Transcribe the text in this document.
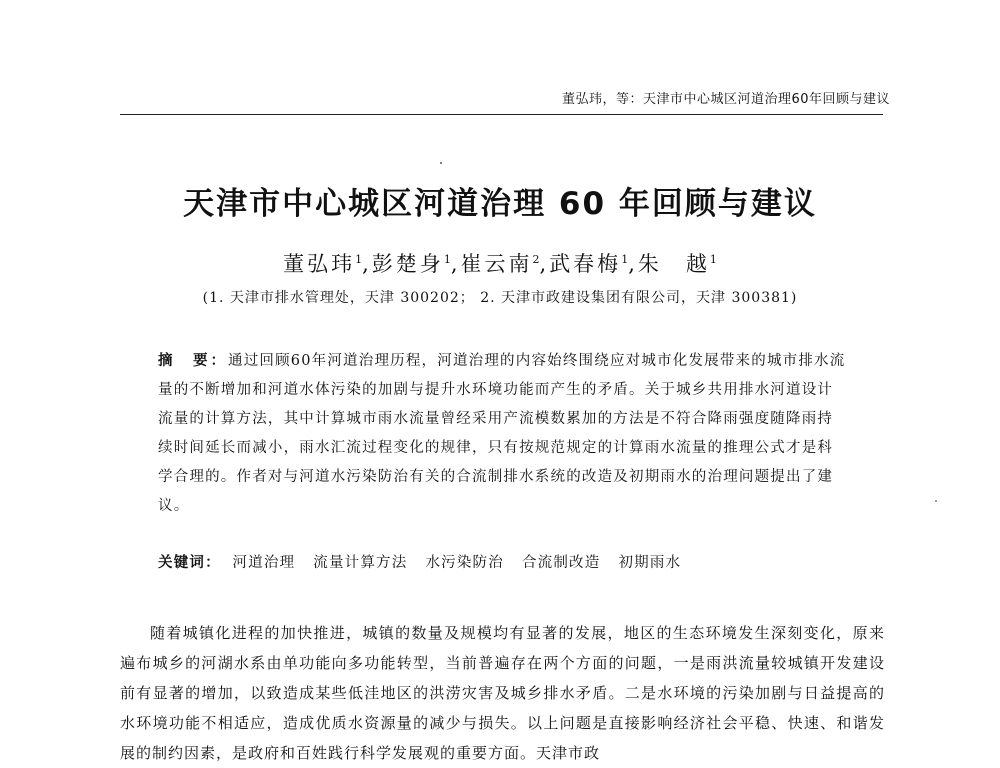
董弘玮，等：天津市中心城区河道治理60年回顾与建议
天津市中心城区河道治理 60 年回顾与建议
董弘玮$^1$,彭楚身$^1$,崔云南$^2$,武春梅$^1$,朱　越$^1$
(1. 天津市排水管理处，天津 300202； 2. 天津市政建设集团有限公司，天津 300381)
摘　要：通过回顾60年河道治理历程，河道治理的内容始终围绕应对城市化发展带来的城市排水流量的不断增加和河道水体污染的加剧与提升水环境功能而产生的矛盾。关于城乡共用排水河道设计流量的计算方法，其中计算城市雨水流量曾经采用产流模数累加的方法是不符合降雨强度随降雨持续时间延长而减小，雨水汇流过程变化的规律，只有按规范规定的计算雨水流量的推理公式才是科学合理的。作者对与河道水污染防治有关的合流制排水系统的改造及初期雨水的治理问题提出了建议。
关键词： 河道治理 流量计算方法 水污染防治 合流制改造 初期雨水

随着城镇化进程的加快推进，城镇的数量及规模均有显著的发展，地区的生态环境发生深刻变化，原来遍布城乡的河湖水系由单功能向多功能转型，当前普遍存在两个方面的问题，一是雨洪流量较城镇开发建设前有显著的增加，以致造成某些低洼地区的洪涝灾害及城乡排水矛盾。二是水环境的污染加剧与日益提高的水环境功能不相适应，造成优质水资源量的减少与损失。以上问题是直接影响经济社会平稳、快速、和谐发展的制约因素，是政府和百姓践行科学发展观的重要方面。天津市政
